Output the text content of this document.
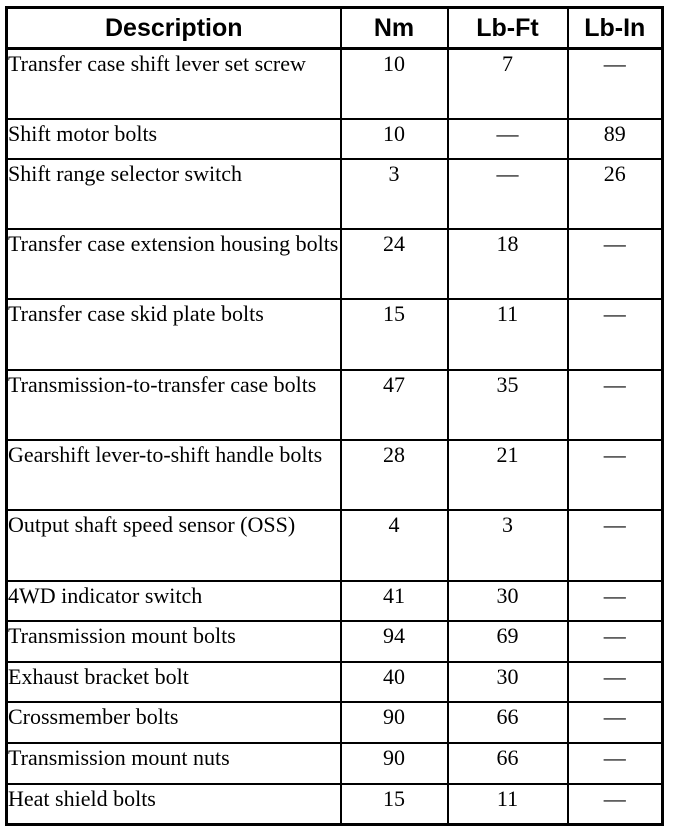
Description	Nm	Lb-Ft	Lb-In
Transfer case shift lever set screw	10	7	—
Shift motor bolts	10	—	89
Shift range selector switch	3	—	26
Transfer case extension housing bolts	24	18	—
Transfer case skid plate bolts	15	11	—
Transmission-to-transfer case bolts	47	35	—
Gearshift lever-to-shift handle bolts	28	21	—
Output shaft speed sensor (OSS)	4	3	—
4WD indicator switch	41	30	—
Transmission mount bolts	94	69	—
Exhaust bracket bolt	40	30	—
Crossmember bolts	90	66	—
Transmission mount nuts	90	66	—
Heat shield bolts	15	11	—
